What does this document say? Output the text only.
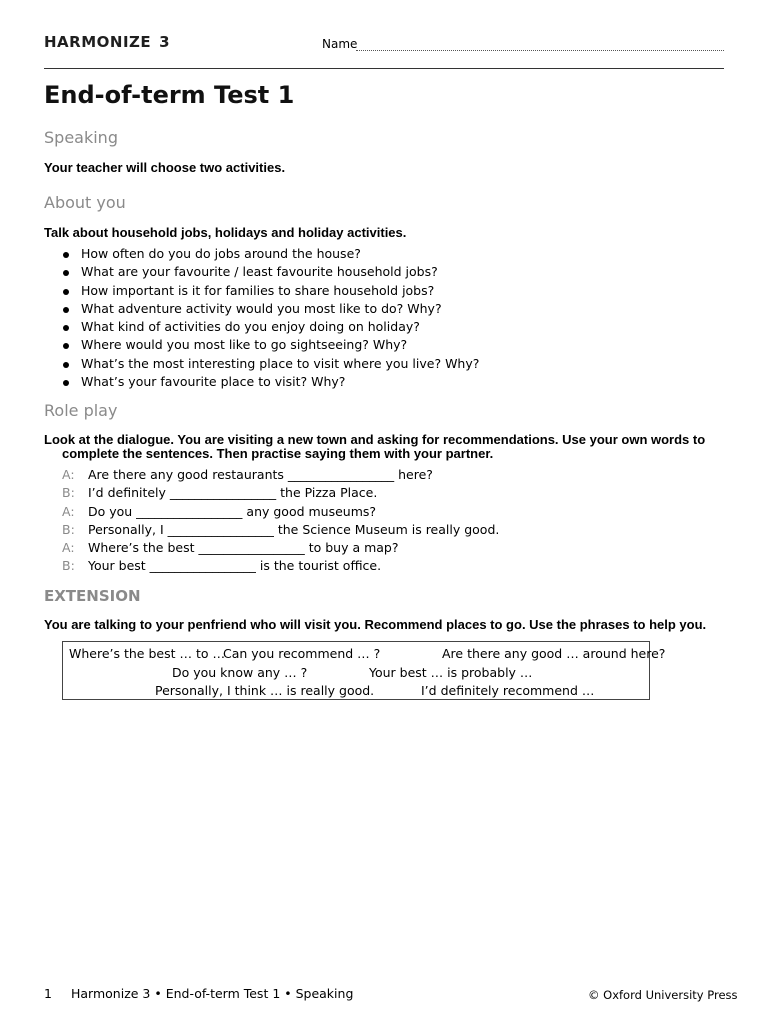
HARMONIZE 3	Name
End-of-term Test 1
Speaking

Your teacher will choose two activities.

About you

Talk about household jobs, holidays and holiday activities.

How often do you do jobs around the house?
What are your favourite / least favourite household jobs?
How important is it for families to share household jobs?
What adventure activity would you most like to do? Why?
What kind of activities do you enjoy doing on holiday?
Where would you most like to go sightseeing? Why?
What’s the most interesting place to visit where you live? Why?
What’s your favourite place to visit? Why?
Role play

Look at the dialogue. You are visiting a new town and asking for recommendations. Use your own words to
complete the sentences. Then practise saying them with your partner.

A: Are there any good restaurants _________________ here?
B: I’d definitely _________________ the Pizza Place.
A: Do you _________________ any good museums?
B: Personally, I _________________ the Science Museum is really good.
A: Where’s the best _________________ to buy a map?
B: Your best _________________ is the tourist office.
EXTENSION

You are talking to your penfriend who will visit you. Recommend places to go. Use the phrases to help you.

Where’s the best … to …
Can you recommend … ?	Are there any good … around here?
Do you know any … ?	Your best … is probably …
Personally, I think … is really good.	I’d definitely recommend …
1 Harmonize 3 • End-of-term Test 1 • Speaking	© Oxford University Press
